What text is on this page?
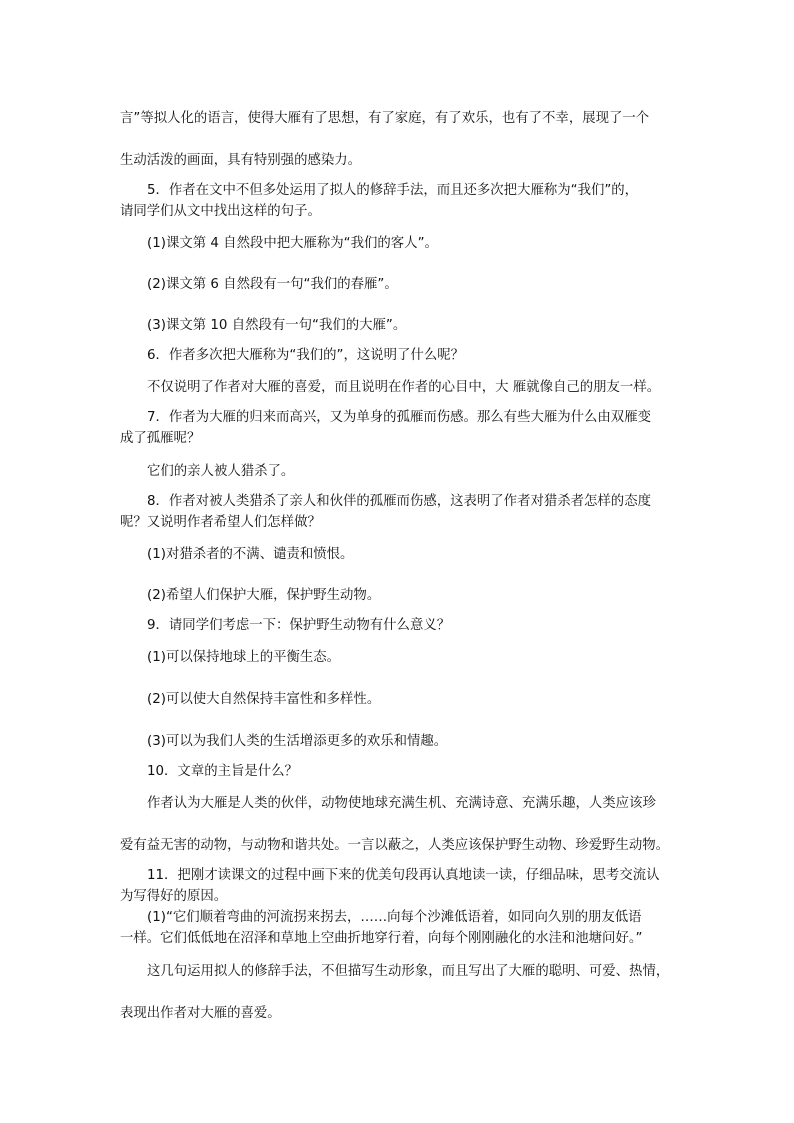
言”等拟人化的语言，使得大雁有了思想，有了家庭，有了欢乐，也有了不幸，展现了一个
生动活泼的画面，具有特别强的感染力。
5．作者在文中不但多处运用了拟人的修辞手法，而且还多次把大雁称为“我们”的，
请同学们从文中找出这样的句子。
(1)课文第 4 自然段中把大雁称为“我们的客人”。
(2)课文第 6 自然段有一句“我们的春雁”。
(3)课文第 10 自然段有一句“我们的大雁”。
6．作者多次把大雁称为“我们的”，这说明了什么呢？
不仅说明了作者对大雁的喜爱，而且说明在作者的心目中，大 雁就像自己的朋友一样。
7．作者为大雁的归来而高兴，又为单身的孤雁而伤感。那么有些大雁为什么由双雁变
成了孤雁呢？
它们的亲人被人猎杀了。
8．作者对被人类猎杀了亲人和伙伴的孤雁而伤感，这表明了作者对猎杀者怎样的态度
呢？又说明作者希望人们怎样做？
(1)对猎杀者的不满、谴责和愤恨。
(2)希望人们保护大雁，保护野生动物。
9．请同学们考虑一下：保护野生动物有什么意义？
(1)可以保持地球上的平衡生态。
(2)可以使大自然保持丰富性和多样性。
(3)可以为我们人类的生活增添更多的欢乐和情趣。
10．文章的主旨是什么？
作者认为大雁是人类的伙伴，动物使地球充满生机、充满诗意、充满乐趣，人类应该珍
爱有益无害的动物，与动物和谐共处。一言以蔽之，人类应该保护野生动物、珍爱野生动物。
11．把刚才读课文的过程中画下来的优美句段再认真地读一读，仔细品味，思考交流认
为写得好的原因。
(1)“它们顺着弯曲的河流拐来拐去，……向每个沙滩低语着，如同向久别的朋友低语
一样。它们低低地在沼泽和草地上空曲折地穿行着，向每个刚刚融化的水洼和池塘问好。”
这几句运用拟人的修辞手法，不但描写生动形象，而且写出了大雁的聪明、可爱、热情，
表现出作者对大雁的喜爱。
